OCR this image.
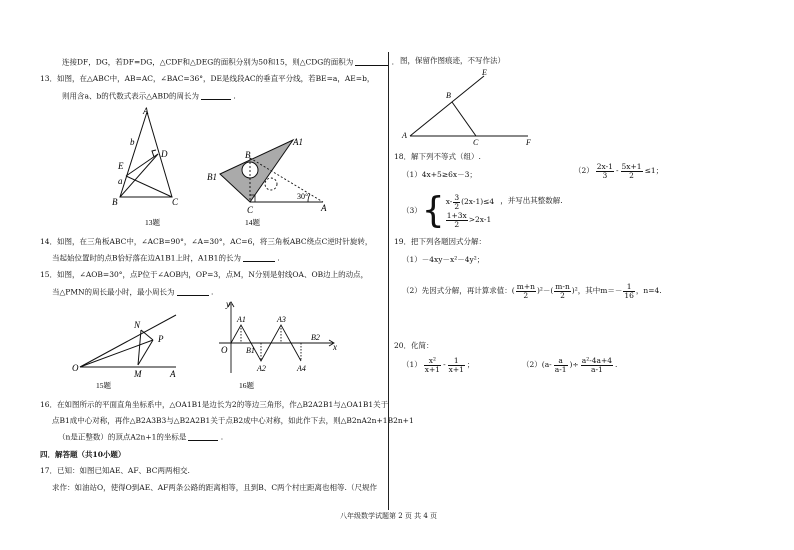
连接DF，DG，若DF=DG，△CDF和△DEG的面积分别为50和15，则△CDG的面积为	.
13．如图，在△ABC中，AB=AC，∠BAC=36°，DE是线段AC的垂直平分线，若BE=a，AE=b，
则用含a、b的代数式表示△ABD的周长为	.
A
B	C
D
E
b
a
13题
A1
B
B1
C	A
30°
14题
14．如图，在三角板ABC中，∠ACB=90°，∠A=30°，AC=6，将三角板ABC绕点C逆时针旋转，
当起始位置时的点B恰好落在边A1B1上时，A1B1的长为	.
15．如图，∠AOB=30°，点P位于∠AOB内，OP=3，点M，N分别是射线OA、OB边上的动点，
当△PMN的周长最小时，最小周长为	.
N
P
O
M	A
15题
y
x
O
A1	A3
A2	A4
B1
B2
16题
16．在如图所示的平面直角坐标系中，△OA1B1是边长为2的等边三角形，作△B2A2B1与△OA1B1关于
点B1成中心对称，再作△B2A3B3与△B2A2B1关于点B2成中心对称，如此作下去，则△B2nA2n+1B2n+1
（n是正整数）的顶点A2n+1的坐标是	.
四．解答题（共10小题）
17．已知：如图已知AE、AF、BC两两相交.
求作：如油站O，使得O到AE、AF两条公路的距离相等，且到B、C两个村庄距离也相等.（尺规作
图，保留作图痕迹，不写作法）
E
B
A
C	F
18．解下列不等式（组）.
（1）4x+5≥6x－3；	$(2) \frac{2x-1}{3} - \frac{5x+1}{2} \le 1$；
（3） { $x- \frac{3}{2} (2x-1)\le 4$
$\frac{1+3x}{2} >2x-1$
，并写出其整数解.
19．把下列各题因式分解：
（1）－4xy－x²－4y²；
（2）先因式分解，再计算求值：( $\frac{m+n}{2} )^2-( \frac{m-n}{2} )^2$，其中$m=- \frac{1}{16}$ ，n=4.
20．化简：
$(1) \frac{\text{x²}}{x+1} - \frac{1}{x+1}$ ；	$(2)(a- \frac{a}{a-1}$ )÷ $\frac{\text{a²-4a+4}}{a-1}$ .
八年级数学试题第 2 页 共 4 页
